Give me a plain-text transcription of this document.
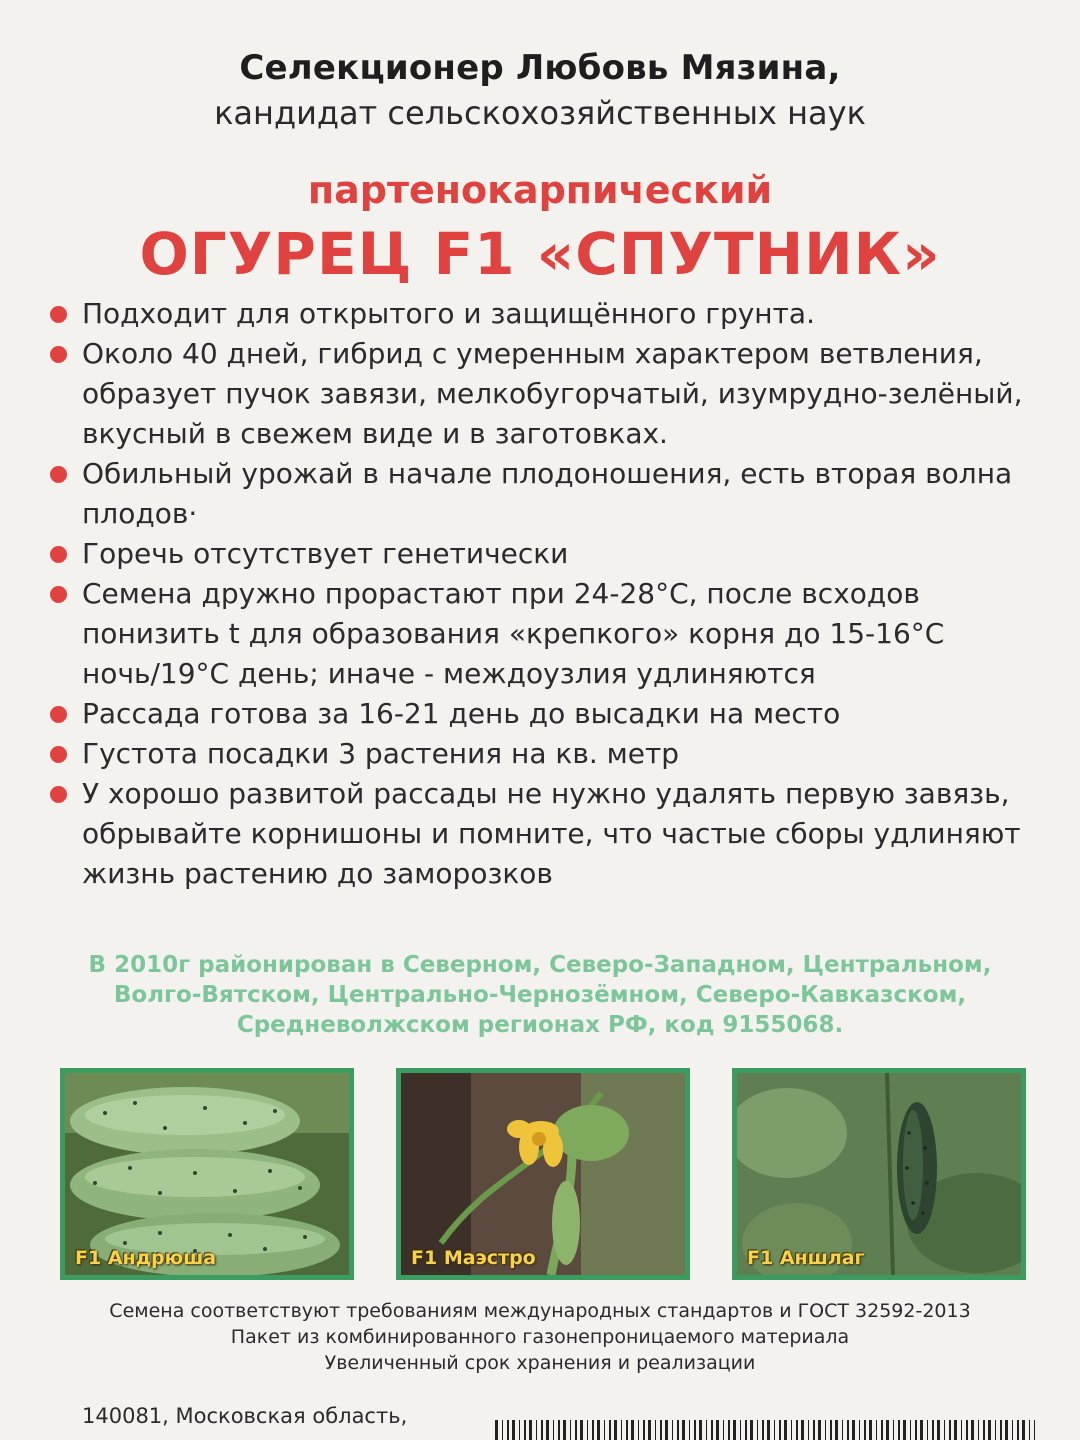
Селекционер Любовь Мязина,
кандидат сельскохозяйственных наук
партенокарпический
ОГУРЕЦ F1 «СПУТНИК»
Подходит для открытого и защищённого грунта.
Около 40 дней, гибрид с умеренным характером ветвления, образует пучок завязи, мелкобугорчатый, изумрудно-зелёный, вкусный в свежем виде и в заготовках.
Обильный урожай в начале плодоношения, есть вторая волна плодов·
Горечь отсутствует генетически
Семена дружно прорастают при 24-28°С, после всходов понизить t для образования «крепкого» корня до 15-16°С ночь/19°С день; иначе - междоузлия удлиняются
Рассада готова за 16-21 день до высадки на место
Густота посадки 3 растения на кв. метр
У хорошо развитой рассады не нужно удалять первую завязь, обрывайте корнишоны и помните, что частые сборы удлиняют жизнь растению до заморозков
В 2010г районирован в Северном, Северо-Западном, Центральном,
Волго-Вятском, Центрально-Чернозёмном, Северо-Кавказском,
Средневолжском регионах РФ, код 9155068.
F1 Андрюша	F1 Маэстро	F1 Аншлаг
Семена соответствуют требованиям международных стандартов и ГОСТ 32592-2013
Пакет из комбинированного газонепроницаемого материала
Увеличенный срок хранения и реализации
140081, Московская область,
